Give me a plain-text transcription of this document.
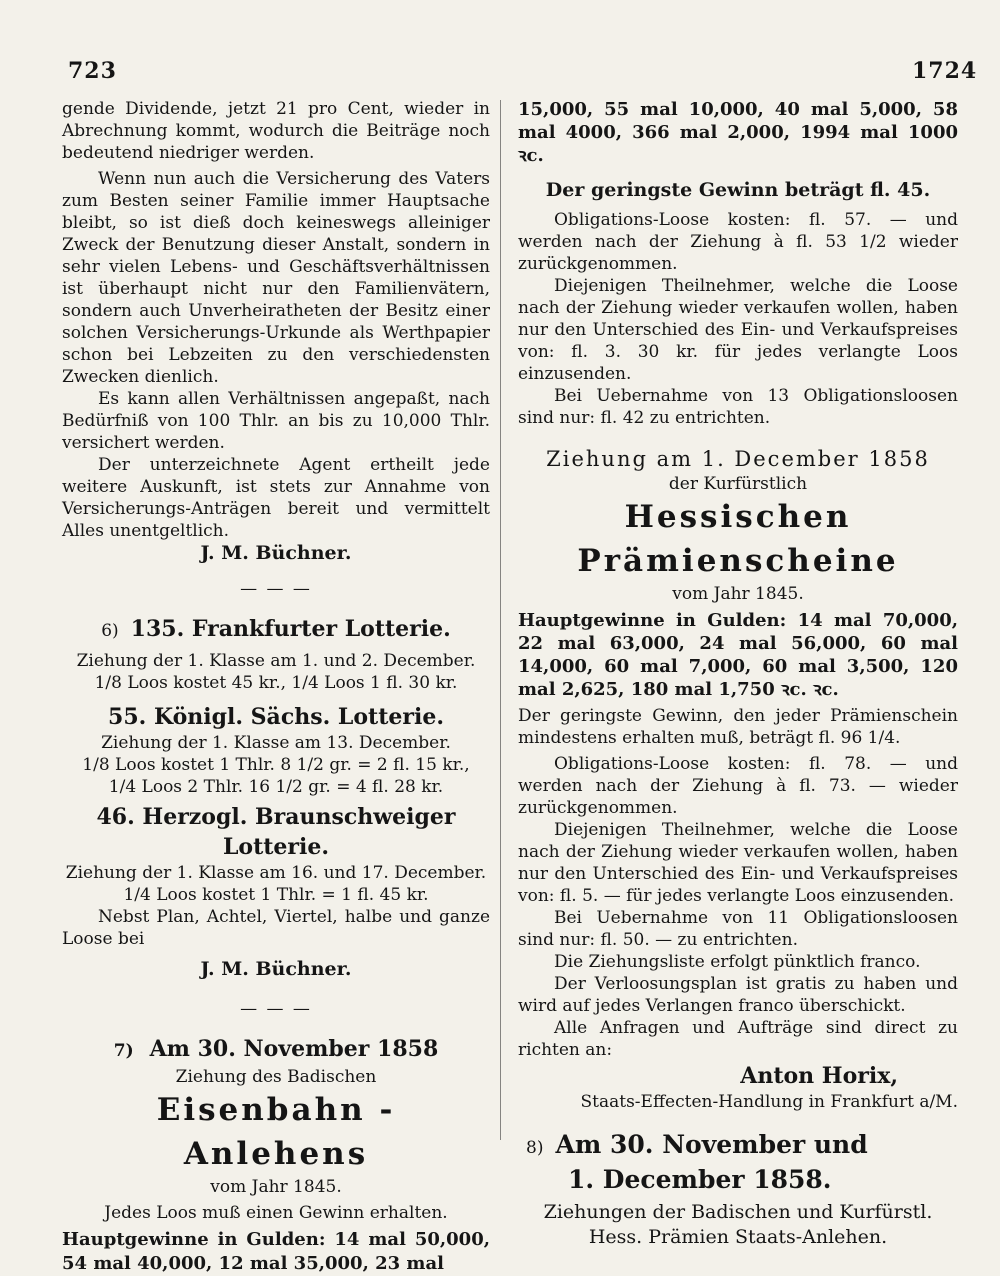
723	1724

gende Dividende, jetzt 21 pro Cent, wieder in Abrechnung kommt, wodurch die Beiträge noch bedeutend niedriger werden.

Wenn nun auch die Versicherung des Vaters zum Besten seiner Familie immer Hauptsache bleibt, so ist dieß doch keineswegs alleiniger Zweck der Benutzung dieser Anstalt, sondern in sehr vielen Lebens- und Geschäftsverhältnissen ist überhaupt nicht nur den Familienvätern, sondern auch Unverheiratheten der Besitz einer solchen Versicherungs-Urkunde als Werthpapier schon bei Lebzeiten zu den verschiedensten Zwecken dienlich.

Es kann allen Verhältnissen angepaßt, nach Bedürfniß von 100 Thlr. an bis zu 10,000 Thlr. versichert werden.

Der unterzeichnete Agent ertheilt jede weitere Auskunft, ist stets zur Annahme von Versicherungs-Anträgen bereit und vermittelt Alles unentgeltlich.

J. M. Büchner.

— — —

6) 135. Frankfurter Lotterie.

Ziehung der 1. Klasse am 1. und 2. December.

1/8 Loos kostet 45 kr., 1/4 Loos 1 fl. 30 kr.

55. Königl. Sächs. Lotterie.

Ziehung der 1. Klasse am 13. December.

1/8 Loos kostet 1 Thlr. 8 1/2 gr. = 2 fl. 15 kr.,

1/4 Loos 2 Thlr. 16 1/2 gr. = 4 fl. 28 kr.

46. Herzogl. Braunschweiger Lotterie.

Ziehung der 1. Klasse am 16. und 17. December.

1/4 Loos kostet 1 Thlr. = 1 fl. 45 kr.

Nebst Plan, Achtel, Viertel, halbe und ganze Loose bei

J. M. Büchner.

— — —

7) Am 30. November 1858

Ziehung des Badischen

Eisenbahn - Anlehens

vom Jahr 1845.

Jedes Loos muß einen Gewinn erhalten.

Hauptgewinne in Gulden: 14 mal 50,000, 54 mal 40,000, 12 mal 35,000, 23 mal

15,000, 55 mal 10,000, 40 mal 5,000, 58 mal 4000, 366 mal 2,000, 1994 mal 1000 ꝛc.

Der geringste Gewinn beträgt fl. 45.

Obligations-Loose kosten: fl. 57. — und werden nach der Ziehung à fl. 53 1/2 wieder zurückgenommen.

Diejenigen Theilnehmer, welche die Loose nach der Ziehung wieder verkaufen wollen, haben nur den Unterschied des Ein- und Verkaufspreises von: fl. 3. 30 kr. für jedes verlangte Loos einzusenden.

Bei Uebernahme von 13 Obligationsloosen sind nur: fl. 42 zu entrichten.

Ziehung am 1. December 1858

der Kurfürstlich

Hessischen Prämienscheine

vom Jahr 1845.

Hauptgewinne in Gulden: 14 mal 70,000, 22 mal 63,000, 24 mal 56,000, 60 mal 14,000, 60 mal 7,000, 60 mal 3,500, 120 mal 2,625, 180 mal 1,750 ꝛc. ꝛc.

Der geringste Gewinn, den jeder Prämienschein mindestens erhalten muß, beträgt fl. 96 1/4.

Obligations-Loose kosten: fl. 78. — und werden nach der Ziehung à fl. 73. — wieder zurückgenommen.

Diejenigen Theilnehmer, welche die Loose nach der Ziehung wieder verkaufen wollen, haben nur den Unterschied des Ein- und Verkaufspreises von: fl. 5. — für jedes verlangte Loos einzusenden.

Bei Uebernahme von 11 Obligationsloosen sind nur: fl. 50. — zu entrichten.

Die Ziehungsliste erfolgt pünktlich franco.

Der Verloosungsplan ist gratis zu haben und wird auf jedes Verlangen franco überschickt.

Alle Anfragen und Aufträge sind direct zu richten an:

Anton Horix,

Staats-Effecten-Handlung in Frankfurt a/M.

8) Am 30. November und

1. December 1858.

Ziehungen der Badischen und Kurfürstl.

Hess. Prämien Staats-Anlehen.
